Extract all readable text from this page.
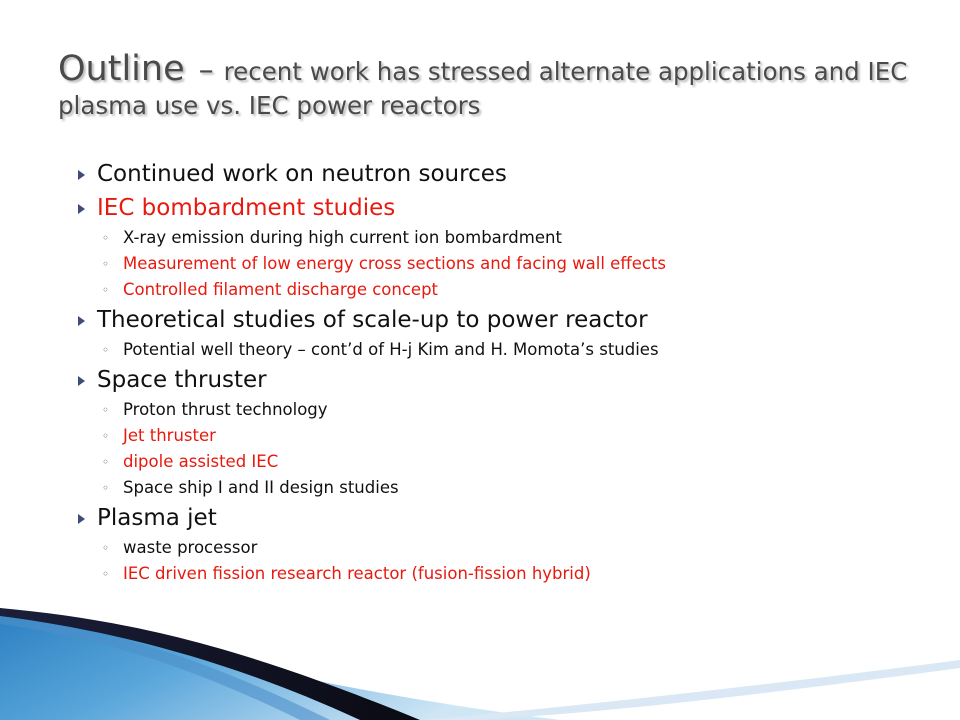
Outline – recent work has stressed alternate applications and IEC plasma use vs. IEC power reactors
Continued work on neutron sources
IEC bombardment studies
◦ X-ray emission during high current ion bombardment
◦ Measurement of low energy cross sections and facing wall effects
◦ Controlled filament discharge concept
Theoretical studies of scale-up to power reactor
◦ Potential well theory – cont’d of H-j Kim and H. Momota’s studies
Space thruster
◦ Proton thrust technology
◦ Jet thruster
◦ dipole assisted IEC
◦ Space ship I and II design studies
Plasma jet
◦ waste processor
◦ IEC driven fission research reactor (fusion-fission hybrid)
